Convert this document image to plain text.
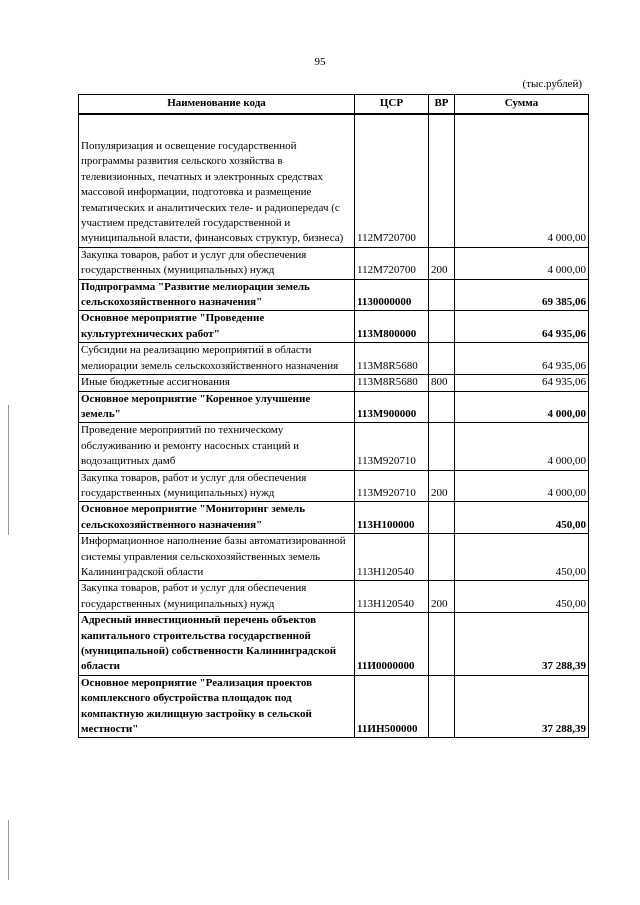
95
(тыс.рублей)
Наименование кода	ЦСР	ВР	Сумма
Популяризация и освещение государственной программы развития сельского хозяйства в телевизионных, печатных и электронных средствах массовой информации, подготовка и размещение тематических и аналитических теле- и радиопередач (с участием представителей государственной и муниципальной власти, финансовых структур, бизнеса)	112М720700		4 000,00
Закупка товаров, работ и услуг для обеспечения государственных (муниципальных) нужд	112М720700	200	4 000,00
Подпрограмма "Развитие мелиорации земель сельскохозяйственного назначения"	1130000000		69 385,06
Основное мероприятие "Проведение культуртехнических работ"	113М800000		64 935,06
Субсидии на реализацию мероприятий в области мелиорации земель сельскохозяйственного назначения	113М8R5680		64 935,06
Иные бюджетные ассигнования	113М8R5680	800	64 935,06
Основное мероприятие "Коренное улучшение земель"	113М900000		4 000,00
Проведение мероприятий по техническому обслуживанию и ремонту насосных станций и водозащитных дамб	113М920710		4 000,00
Закупка товаров, работ и услуг для обеспечения государственных (муниципальных) нужд	113М920710	200	4 000,00
Основное мероприятие "Мониторинг земель сельскохозяйственного назначения"	113Н100000		450,00
Информационное наполнение базы автоматизированной системы управления сельскохозяйственных земель Калининградской области	113Н120540		450,00
Закупка товаров, работ и услуг для обеспечения государственных (муниципальных) нужд	113Н120540	200	450,00
Адресный инвестиционный перечень объектов капитального строительства государственной (муниципальной) собственности Калининградской области	11И0000000		37 288,39
Основное мероприятие "Реализация проектов комплексного обустройства площадок под компактную жилищную застройку в сельской местности"	11ИН500000		37 288,39
